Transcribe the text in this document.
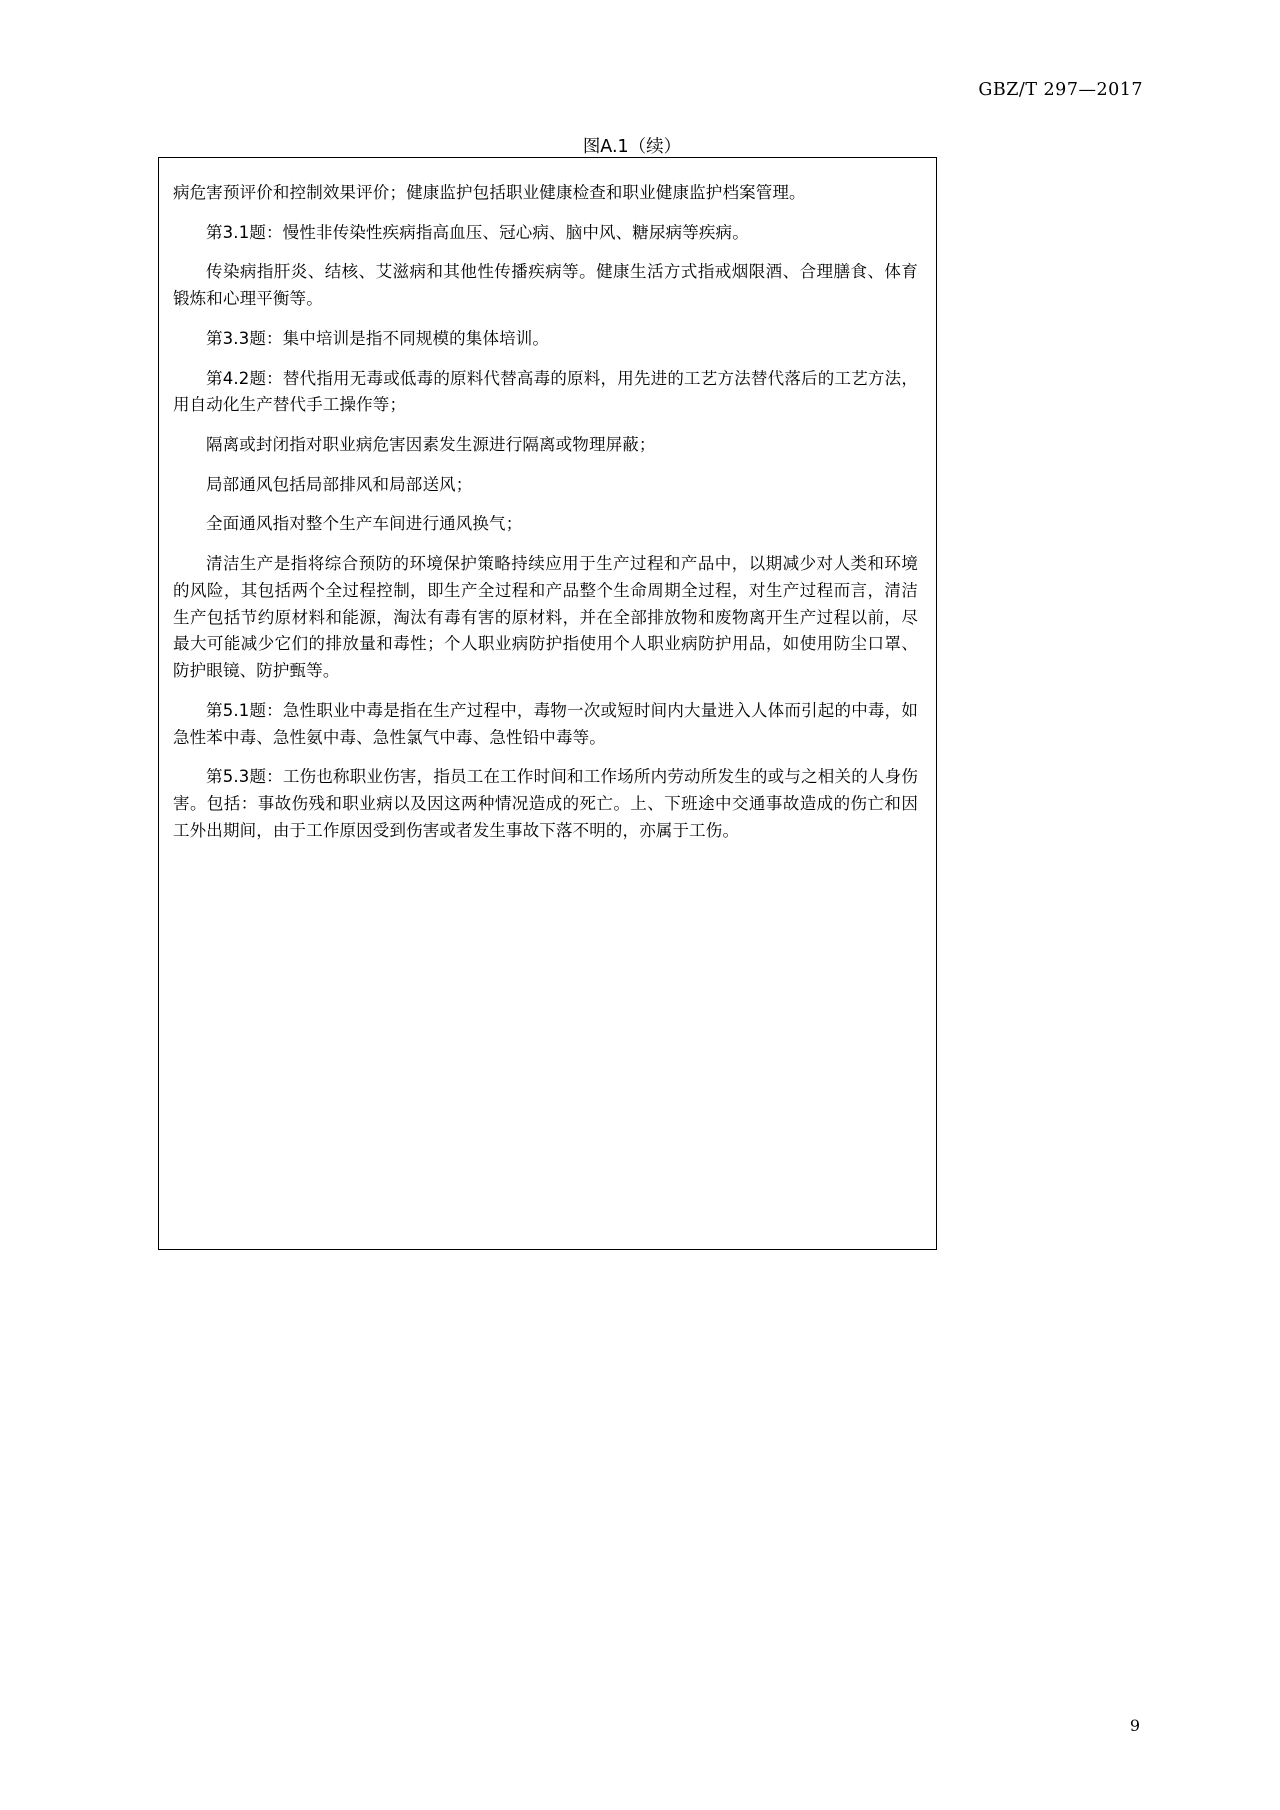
GBZ/T 297—2017
图A.1（续）

病危害预评价和控制效果评价；健康监护包括职业健康检查和职业健康监护档案管理。

第3.1题：慢性非传染性疾病指高血压、冠心病、脑中风、糖尿病等疾病。

传染病指肝炎、结核、艾滋病和其他性传播疾病等。健康生活方式指戒烟限酒、合理膳食、体育锻炼和心理平衡等。

第3.3题：集中培训是指不同规模的集体培训。

第4.2题：替代指用无毒或低毒的原料代替高毒的原料，用先进的工艺方法替代落后的工艺方法，用自动化生产替代手工操作等；

隔离或封闭指对职业病危害因素发生源进行隔离或物理屏蔽；

局部通风包括局部排风和局部送风；

全面通风指对整个生产车间进行通风换气；

清洁生产是指将综合预防的环境保护策略持续应用于生产过程和产品中，以期减少对人类和环境的风险，其包括两个全过程控制，即生产全过程和产品整个生命周期全过程，对生产过程而言，清洁生产包括节约原材料和能源，淘汰有毒有害的原材料，并在全部排放物和废物离开生产过程以前，尽最大可能减少它们的排放量和毒性；个人职业病防护指使用个人职业病防护用品，如使用防尘口罩、防护眼镜、防护甄等。

第5.1题：急性职业中毒是指在生产过程中，毒物一次或短时间内大量进入人体而引起的中毒，如急性苯中毒、急性氨中毒、急性氯气中毒、急性铅中毒等。

第5.3题：工伤也称职业伤害，指员工在工作时间和工作场所内劳动所发生的或与之相关的人身伤害。包括：事故伤残和职业病以及因这两种情况造成的死亡。上、下班途中交通事故造成的伤亡和因工外出期间，由于工作原因受到伤害或者发生事故下落不明的，亦属于工伤。

9
